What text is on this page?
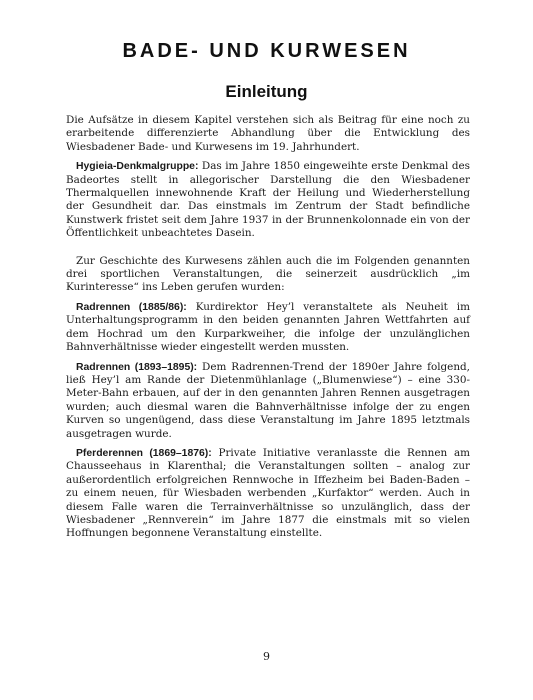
BADE- UND KURWESEN
Einleitung

Die Aufsätze in diesem Kapitel verstehen sich als Beitrag für eine noch zu erarbeitende differenzierte Abhandlung über die Entwicklung des Wiesbadener Bade- und Kurwesens im 19. Jahrhundert.

Hygieia-Denkmalgruppe: Das im Jahre 1850 eingeweihte erste Denkmal des Badeortes stellt in allegorischer Darstellung die den Wiesbadener Thermalquellen innewohnende Kraft der Heilung und Wiederherstellung der Gesundheit dar. Das einstmals im Zentrum der Stadt befindliche Kunstwerk fristet seit dem Jahre 1937 in der Brunnenkolonnade ein von der Öffentlichkeit unbeachtetes Dasein.

Zur Geschichte des Kurwesens zählen auch die im Folgenden genannten drei sportlichen Veranstaltungen, die seinerzeit ausdrücklich „im Kurinteresse“ ins Leben gerufen wurden:

Radrennen (1885/86): Kurdirektor Hey’l veranstaltete als Neuheit im Unterhaltungsprogramm in den beiden genannten Jahren Wettfahrten auf dem Hochrad um den Kurparkweiher, die infolge der unzulänglichen Bahnverhältnisse wieder eingestellt werden mussten.

Radrennen (1893–1895): Dem Radrennen-Trend der 1890er Jahre folgend, ließ Hey’l am Rande der Dietenmühlanlage („Blumenwiese“) – eine 330-Meter-Bahn erbauen, auf der in den genannten Jahren Rennen ausgetragen wurden; auch diesmal waren die Bahnverhältnisse infolge der zu engen Kurven so ungenügend, dass diese Veranstaltung im Jahre 1895 letztmals ausgetragen wurde.

Pferderennen (1869–1876): Private Initiative veranlasste die Rennen am Chausseehaus in Klarenthal; die Veranstaltungen sollten – analog zur außerordentlich erfolgreichen Rennwoche in Iffezheim bei Baden-Baden – zu einem neuen, für Wiesbaden werbenden „Kurfaktor“ werden. Auch in diesem Falle waren die Terrainverhältnisse so unzulänglich, dass der Wiesbadener „Rennverein“ im Jahre 1877 die einstmals mit so vielen Hoffnungen begonnene Veranstaltung einstellte.

9
